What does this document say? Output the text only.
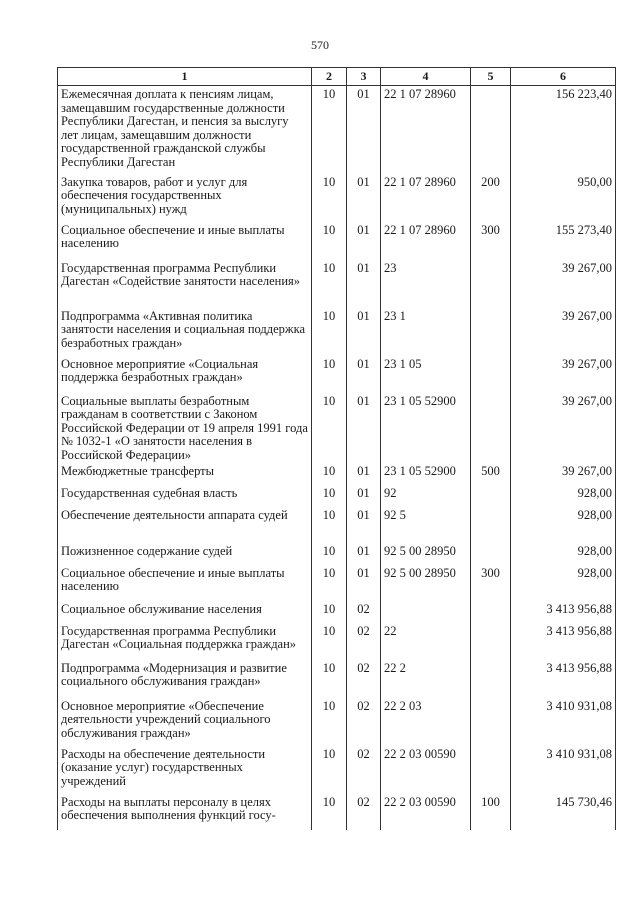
570
1	2	3	4	5	6
Ежемесячная доплата к пенсиям лицам, замещавшим государственные должности Республики Дагестан, и пенсия за выслугу лет лицам, замещавшим должности государственной гражданской службы Республики Дагестан	10	01	22 1 07 28960		156 223,40
Закупка товаров, работ и услуг для обеспечения государственных (муниципальных) нужд	10	01	22 1 07 28960	200	950,00
Социальное обеспечение и иные выплаты населению	10	01	22 1 07 28960	300	155 273,40
Государственная программа Республики Дагестан «Содействие занятости населения»	10	01	23		39 267,00
Подпрограмма «Активная политика занятости населения и социальная поддержка безработных граждан»	10	01	23 1		39 267,00
Основное мероприятие «Социальная поддержка безработных граждан»	10	01	23 1 05		39 267,00
Социальные выплаты безработным гражданам в соответствии с Законом Российской Федерации от 19 апреля 1991 года № 1032-1 «О занятости населения в Российской Федерации»	10	01	23 1 05 52900		39 267,00
Межбюджетные трансферты	10	01	23 1 05 52900	500	39 267,00
Государственная судебная власть	10	01	92		928,00
Обеспечение деятельности аппарата судей	10	01	92 5		928,00
Пожизненное содержание судей	10	01	92 5 00 28950		928,00
Социальное обеспечение и иные выплаты населению	10	01	92 5 00 28950	300	928,00
Социальное обслуживание населения	10	02			3 413 956,88
Государственная программа Республики Дагестан «Социальная поддержка граждан»	10	02	22		3 413 956,88
Подпрограмма «Модернизация и развитие социального обслуживания граждан»	10	02	22 2		3 413 956,88
Основное мероприятие «Обеспечение деятельности учреждений социального обслуживания граждан»	10	02	22 2 03		3 410 931,08
Расходы на обеспечение деятельности (оказание услуг) государственных учреждений	10	02	22 2 03 00590		3 410 931,08
Расходы на выплаты персоналу в целях обеспечения выполнения функций госу-	10	02	22 2 03 00590	100	145 730,46
